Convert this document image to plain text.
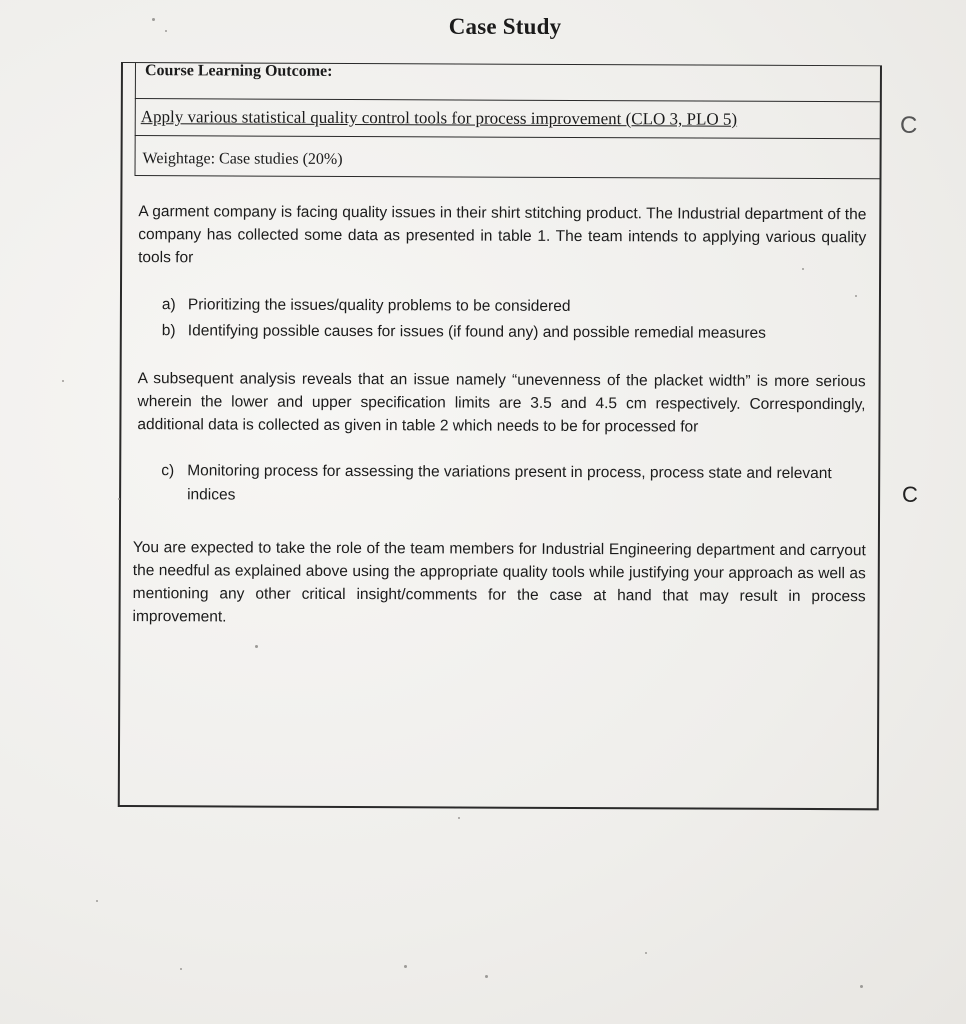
Case Study
Course Learning Outcome:
Apply various statistical quality control tools for process improvement (CLO 3, PLO 5)
Weightage: Case studies (20%)
A garment company is facing quality issues in their shirt stitching product. The Industrial department of the company has collected some data as presented in table 1. The team intends to applying various quality tools for
a) Prioritizing the issues/quality problems to be considered
b) Identifying possible causes for issues (if found any) and possible remedial measures
A subsequent analysis reveals that an issue namely “unevenness of the placket width” is more serious wherein the lower and upper specification limits are 3.5 and 4.5 cm respectively. Correspondingly, additional data is collected as given in table 2 which needs to be for processed for
c) Monitoring process for assessing the variations present in process, process state and relevant indices
You are expected to take the role of the team members for Industrial Engineering department and carryout the needful as explained above using the appropriate quality tools while justifying your approach as well as mentioning any other critical insight/comments for the case at hand that may result in process improvement.
C
C
